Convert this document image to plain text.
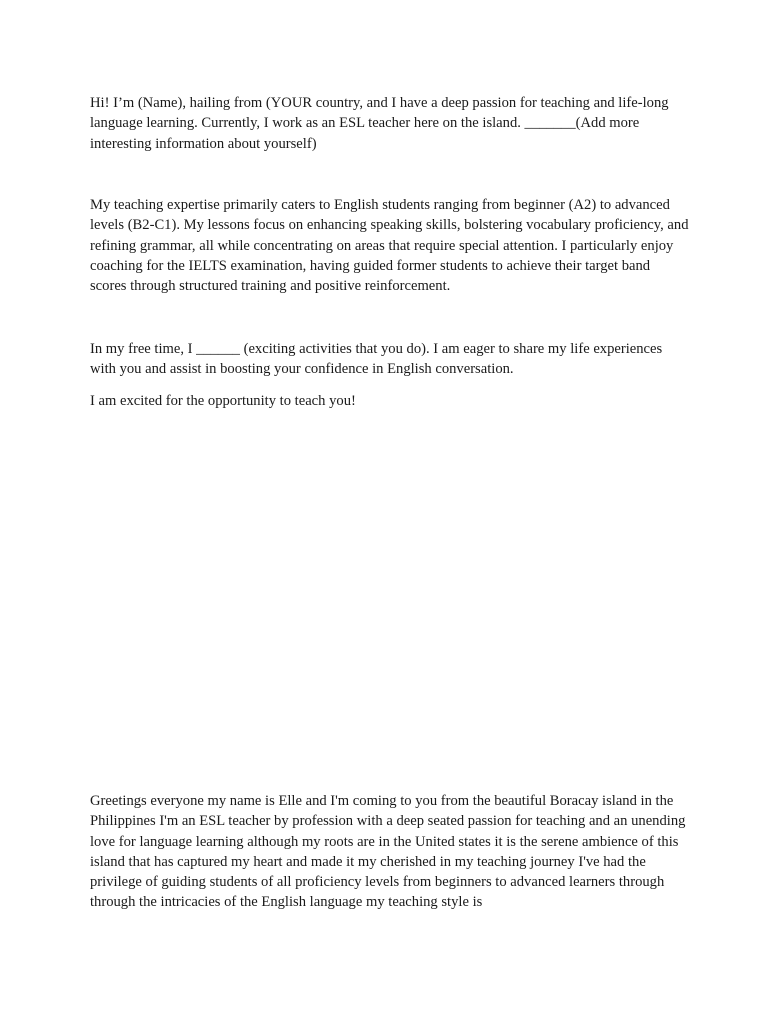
Hi! I’m (Name), hailing from (YOUR country, and I have a deep passion for teaching and life-long language learning. Currently, I work as an ESL teacher here on the island. _______(Add more interesting information about yourself)

My teaching expertise primarily caters to English students ranging from beginner (A2) to advanced levels (B2-C1). My lessons focus on enhancing speaking skills, bolstering vocabulary proficiency, and refining grammar, all while concentrating on areas that require special attention. I particularly enjoy coaching for the IELTS examination, having guided former students to achieve their target band scores through structured training and positive reinforcement.

In my free time, I ______ (exciting activities that you do). I am eager to share my life experiences with you and assist in boosting your confidence in English conversation.

I am excited for the opportunity to teach you!

Greetings everyone my name is Elle and I'm coming to you from the beautiful Boracay island in the Philippines I'm an ESL teacher by profession with a deep seated passion for teaching and an unending love for language learning although my roots are in the United states it is the serene ambience of this island that has captured my heart and made it my cherished in my teaching journey I've had the privilege of guiding students of all proficiency levels from beginners to advanced learners through through the intricacies of the English language my teaching style is
